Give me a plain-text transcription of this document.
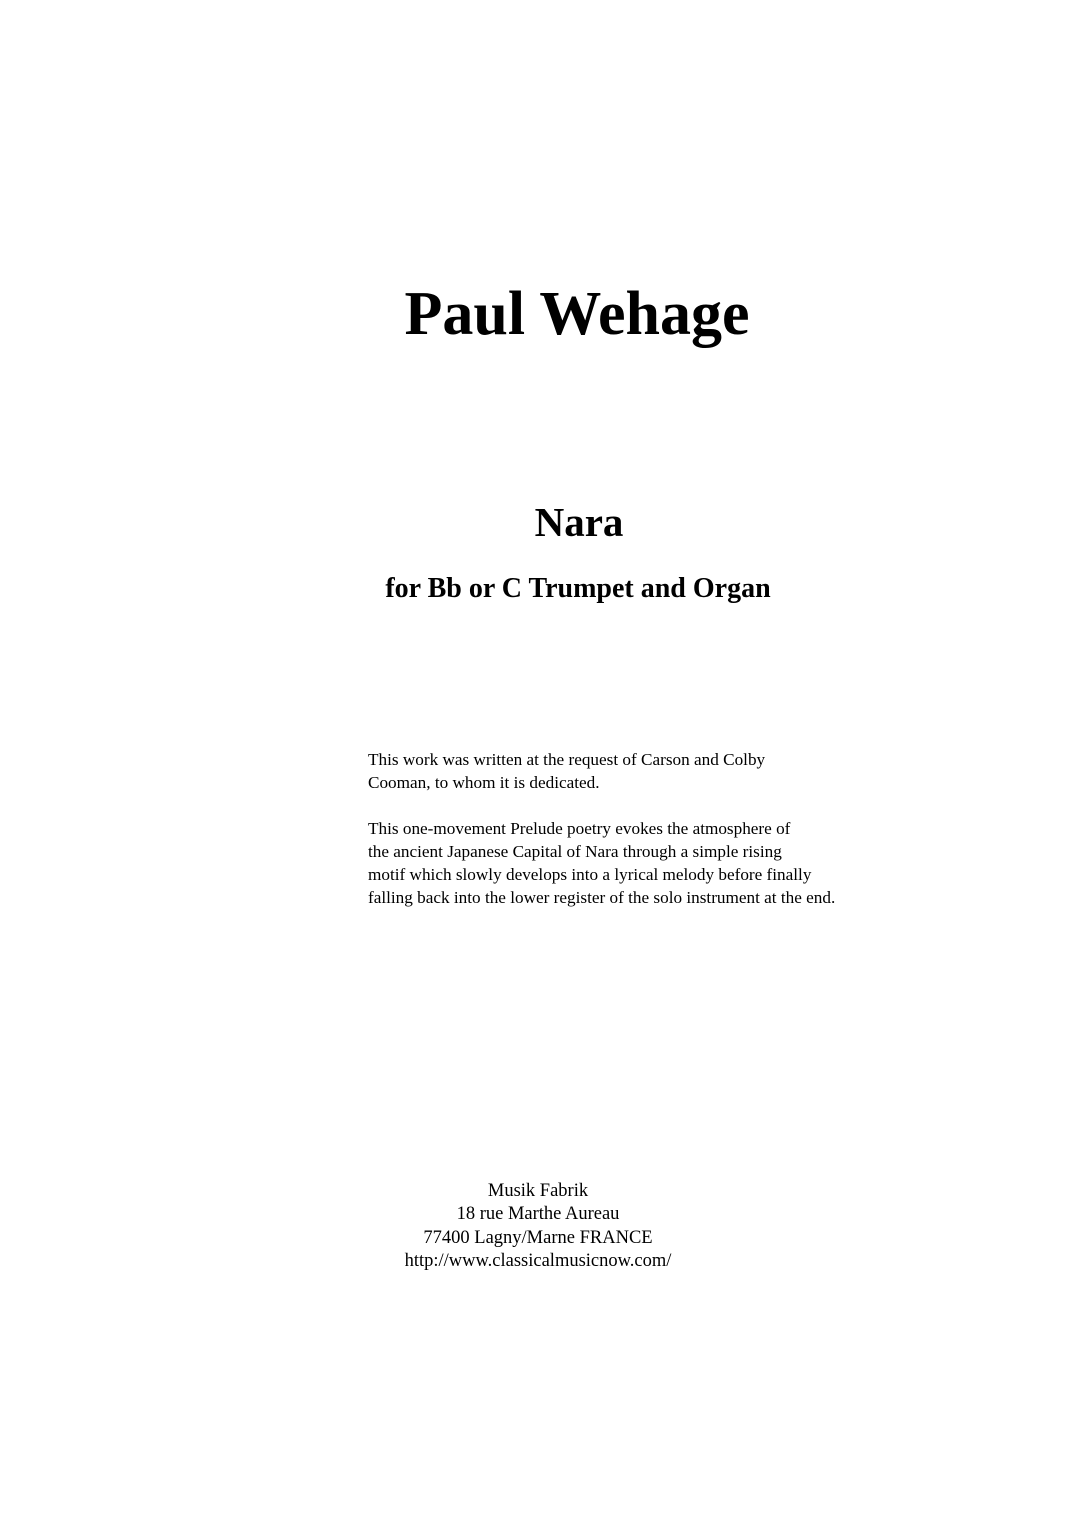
Paul Wehage
Nara
for Bb or C Trumpet and Organ

This work was written at the request of Carson and Colby
Cooman, to whom it is dedicated.

This one-movement Prelude poetry evokes the atmosphere of
the ancient Japanese Capital of Nara through a simple rising
motif which slowly develops into a lyrical melody before finally
falling back into the lower register of the solo instrument at the end.

Musik Fabrik
18 rue Marthe Aureau
77400 Lagny/Marne FRANCE
http://www.classicalmusicnow.com/
